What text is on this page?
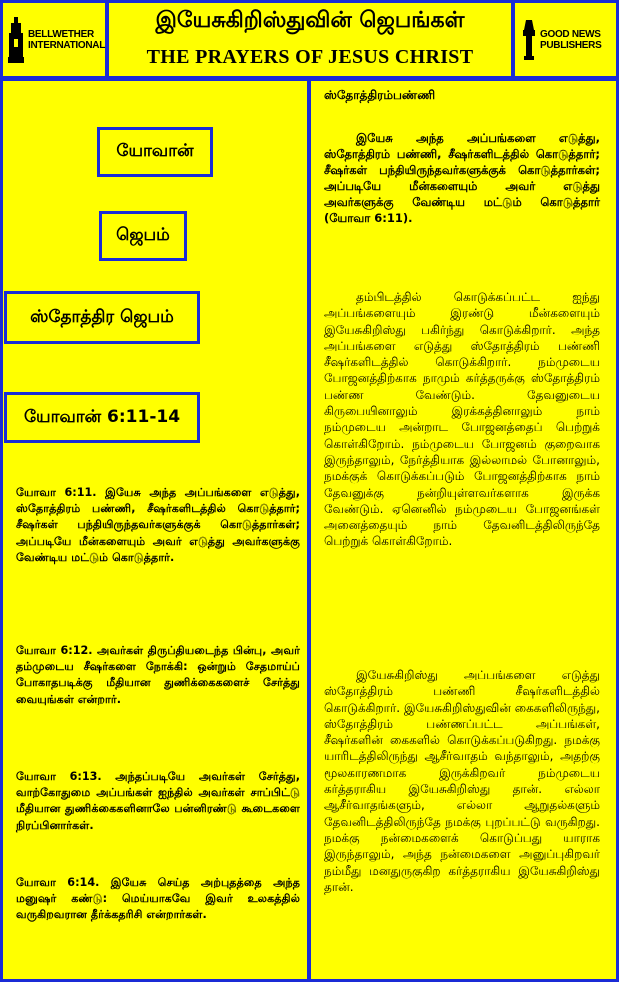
BELLWETHER INTERNATIONAL
இயேசுகிறிஸ்துவின் ஜெபங்கள்
THE PRAYERS OF JESUS CHRIST
GOOD NEWS PUBLISHERS
யோவான்
ஜெபம்
ஸ்தோத்திர ஜெபம்
யோவான் 6:11-14
யோவா 6:11. இயேசு அந்த அப்பங்களை எடுத்து, ஸ்தோத்திரம் பண்ணி, சீஷர்களிடத்தில் கொடுத்தார்; சீஷர்கள் பந்தியிருந்தவர்களுக்குக் கொடுத்தார்கள்; அப்படியே மீன்களையும் அவர் எடுத்து அவர்களுக்கு வேண்டிய மட்டும் கொடுத்தார்.
யோவா 6:12. அவர்கள் திருப்தியடைந்த பின்பு, அவர் தம்முடைய சீஷர்களை நோக்கி: ஒன்றும் சேதமாய்ப் போகாதபடிக்கு மீதியான துணிக்கைகளைச் சேர்த்து வையுங்கள் என்றார்.
யோவா 6:13. அந்தப்படியே அவர்கள் சேர்த்து, வாற்கோதுமை அப்பங்கள் ஐந்தில் அவர்கள் சாப்பிட்டு மீதியான துணிக்கைகளினாலே பன்னிரண்டு கூடைகளை நிரப்பினார்கள்.
யோவா 6:14. இயேசு செய்த அற்புதத்தை அந்த மனுஷர் கண்டு: மெய்யாகவே இவர் உலகத்தில் வருகிறவரான தீர்க்கதரிசி என்றார்கள்.
ஸ்தோத்திரம்பண்ணி
இயேசு அந்த அப்பங்களை எடுத்து, ஸ்தோத்திரம் பண்ணி, சீஷர்களிடத்தில் கொடுத்தார்; சீஷர்கள் பந்தியிருந்தவர்களுக்குக் கொடுத்தார்கள்; அப்படியே மீன்களையும் அவர் எடுத்து அவர்களுக்கு வேண்டிய மட்டும் கொடுத்தார் (யோவா 6:11).
தம்பிடத்தில் கொடுக்கப்பட்ட ஐந்து அப்பங்களையும் இரண்டு மீன்களையும் இயேசுகிறிஸ்து பகிர்ந்து கொடுக்கிறார். அந்த அப்பங்களை எடுத்து ஸ்தோத்திரம் பண்ணி சீஷர்களிடத்தில் கொடுக்கிறார். நம்முடைய போஜனத்திற்காக நாமும் கர்த்தருக்கு ஸ்தோத்திரம் பண்ண வேண்டும். தேவனுடைய கிருபையினாலும் இரக்கத்தினாலும் நாம் நம்முடைய அன்றாட போஜனத்தைப் பெற்றுக் கொள்கிறோம். நம்முடைய போஜனம் குறைவாக இருந்தாலும், நேர்த்தியாக இல்லாமல் போனாலும், நமக்குக் கொடுக்கப்படும் போஜனத்திற்காக நாம் தேவனுக்கு நன்றியுள்ளவர்களாக இருக்க வேண்டும். ஏனெனில் நம்முடைய போஜனங்கள் அனைத்தையும் நாம் தேவனிடத்திலிருந்தே பெற்றுக் கொள்கிறோம்.
இயேசுகிறிஸ்து அப்பங்களை எடுத்து ஸ்தோத்திரம் பண்ணி சீஷர்களிடத்தில் கொடுக்கிறார். இயேசுகிறிஸ்துவின் கைகளிலிருந்து, ஸ்தோத்திரம் பண்ணப்பட்ட அப்பங்கள், சீஷர்களின் கைகளில் கொடுக்கப்படுகிறது. நமக்கு யாரிடத்திலிருந்து ஆசீர்வாதம் வந்தாலும், அதற்கு மூலகாரணமாக இருக்கிறவர் நம்முடைய கர்த்தராகிய இயேசுகிறிஸ்து தான். எல்லா ஆசீர்வாதங்களும், எல்லா ஆறுதல்களும் தேவனிடத்திலிருந்தே நமக்கு புறப்பட்டு வருகிறது. நமக்கு நன்மைகளைக் கொடுப்பது யாராக இருந்தாலும், அந்த நன்மைகளை அனுப்புகிறவர் நம்மீது மனதுருகுகிற கர்த்தராகிய இயேசுகிறிஸ்து தான்.
